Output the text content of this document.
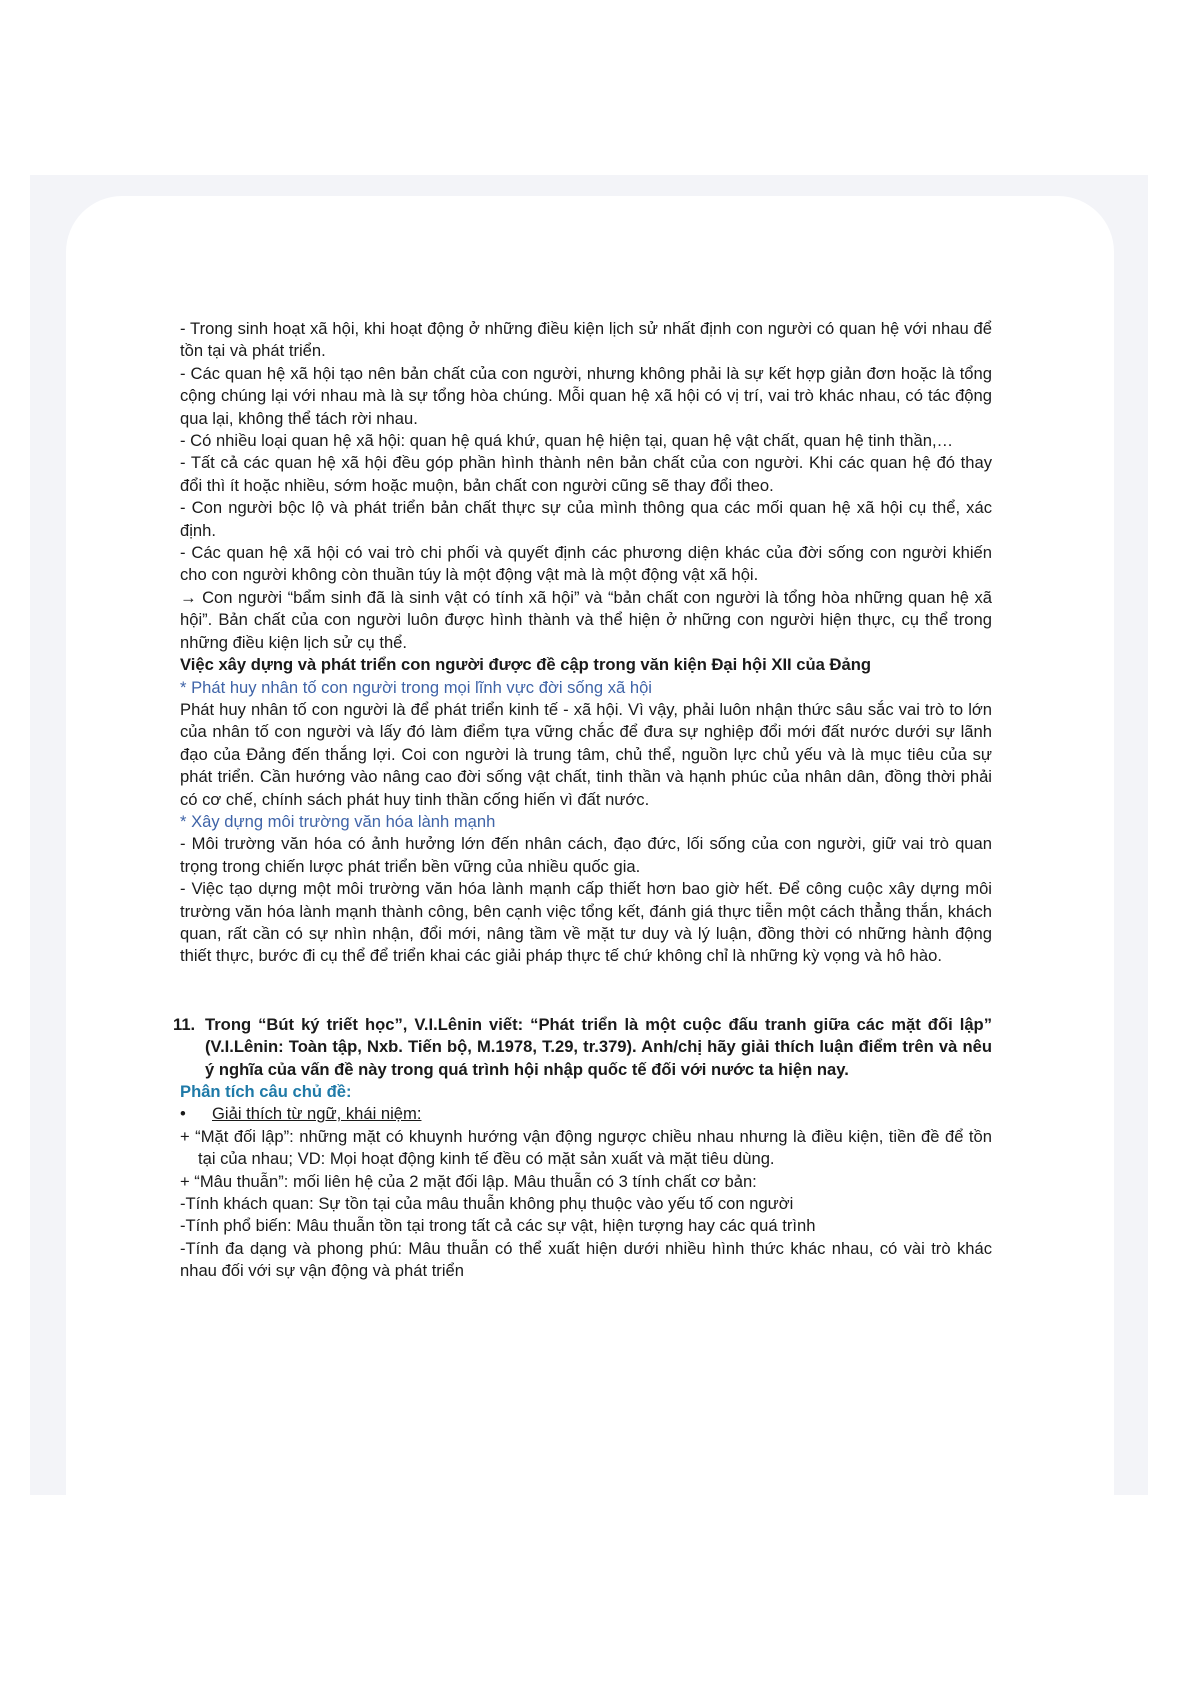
- Trong sinh hoạt xã hội, khi hoạt động ở những điều kiện lịch sử nhất định con người có quan hệ với nhau để tồn tại và phát triển.

- Các quan hệ xã hội tạo nên bản chất của con người, nhưng không phải là sự kết hợp giản đơn hoặc là tổng cộng chúng lại với nhau mà là sự tổng hòa chúng. Mỗi quan hệ xã hội có vị trí, vai trò khác nhau, có tác động qua lại, không thể tách rời nhau.

- Có nhiều loại quan hệ xã hội: quan hệ quá khứ, quan hệ hiện tại, quan hệ vật chất, quan hệ tinh thần,…

- Tất cả các quan hệ xã hội đều góp phần hình thành nên bản chất của con người. Khi các quan hệ đó thay đổi thì ít hoặc nhiều, sớm hoặc muộn, bản chất con người cũng sẽ thay đổi theo.

- Con người bộc lộ và phát triển bản chất thực sự của mình thông qua các mối quan hệ xã hội cụ thể, xác định.

- Các quan hệ xã hội có vai trò chi phối và quyết định các phương diện khác của đời sống con người khiến cho con người không còn thuần túy là một động vật mà là một động vật xã hội.

→ Con người “bẩm sinh đã là sinh vật có tính xã hội” và “bản chất con người là tổng hòa những quan hệ xã hội”. Bản chất của con người luôn được hình thành và thể hiện ở những con người hiện thực, cụ thể trong những điều kiện lịch sử cụ thể.

Việc xây dựng và phát triển con người được đề cập trong văn kiện Đại hội XII của Đảng

* Phát huy nhân tố con người trong mọi lĩnh vực đời sống xã hội

Phát huy nhân tố con người là để phát triển kinh tế - xã hội. Vì vậy, phải luôn nhận thức sâu sắc vai trò to lớn của nhân tố con người và lấy đó làm điểm tựa vững chắc để đưa sự nghiệp đổi mới đất nước dưới sự lãnh đạo của Đảng đến thắng lợi. Coi con người là trung tâm, chủ thể, nguồn lực chủ yếu và là mục tiêu của sự phát triển. Cần hướng vào nâng cao đời sống vật chất, tinh thần và hạnh phúc của nhân dân, đồng thời phải có cơ chế, chính sách phát huy tinh thần cống hiến vì đất nước.

* Xây dựng môi trường văn hóa lành mạnh

- Môi trường văn hóa có ảnh hưởng lớn đến nhân cách, đạo đức, lối sống của con người, giữ vai trò quan trọng trong chiến lược phát triển bền vững của nhiều quốc gia.

- Việc tạo dựng một môi trường văn hóa lành mạnh cấp thiết hơn bao giờ hết. Để công cuộc xây dựng môi trường văn hóa lành mạnh thành công, bên cạnh việc tổng kết, đánh giá thực tiễn một cách thẳng thắn, khách quan, rất cần có sự nhìn nhận, đổi mới, nâng tầm về mặt tư duy và lý luận, đồng thời có những hành động thiết thực, bước đi cụ thể để triển khai các giải pháp thực tế chứ không chỉ là những kỳ vọng và hô hào.

11. Trong “Bút ký triết học”, V.I.Lênin viết: “Phát triển là một cuộc đấu tranh giữa các mặt đối lập” (V.I.Lênin: Toàn tập, Nxb. Tiến bộ, M.1978, T.29, tr.379). Anh/chị hãy giải thích luận điểm trên và nêu ý nghĩa của vấn đề này trong quá trình hội nhập quốc tế đối với nước ta hiện nay.

Phân tích câu chủ đề:

•	Giải thích từ ngữ, khái niệm:

+ “Mặt đối lập”: những mặt có khuynh hướng vận động ngược chiều nhau nhưng là điều kiện, tiền đề để tồn tại của nhau; VD: Mọi hoạt động kinh tế đều có mặt sản xuất và mặt tiêu dùng.

+ “Mâu thuẫn”: mối liên hệ của 2 mặt đối lập. Mâu thuẫn có 3 tính chất cơ bản:

-Tính khách quan: Sự tồn tại của mâu thuẫn không phụ thuộc vào yếu tố con người

-Tính phổ biến: Mâu thuẫn tồn tại trong tất cả các sự vật, hiện tượng hay các quá trình

-Tính đa dạng và phong phú: Mâu thuẫn có thể xuất hiện dưới nhiều hình thức khác nhau, có vài trò khác nhau đối với sự vận động và phát triển
